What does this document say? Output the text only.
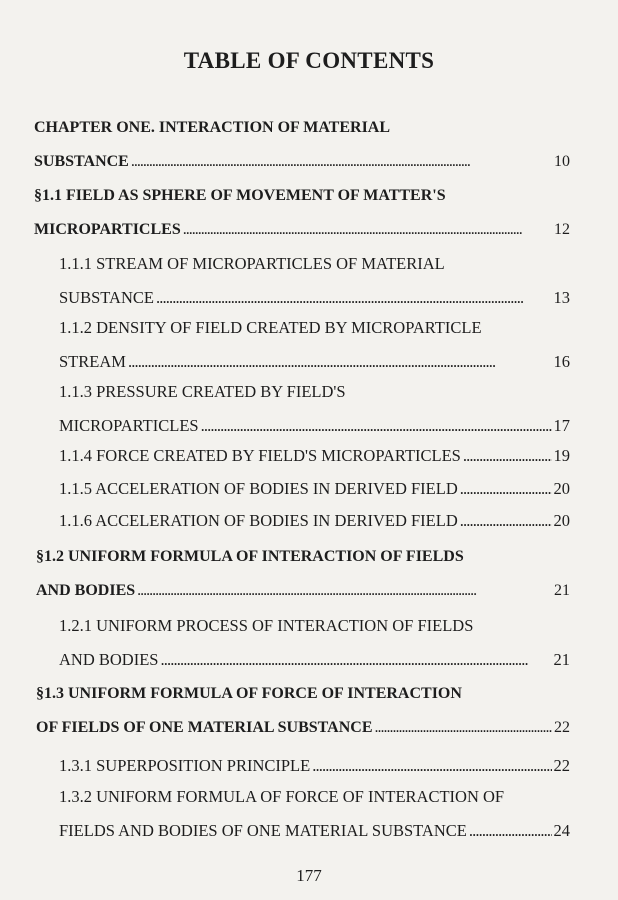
TABLE OF CONTENTS
CHAPTER ONE. INTERACTION OF MATERIAL
SUBSTANCE . . .	10
§1.1 FIELD AS SPHERE OF MOVEMENT OF MATTER'S
MICROPARTICLES . . .	12
1.1.1 STREAM OF MICROPARTICLES OF MATERIAL
SUBSTANCE . . .	13
1.1.2 DENSITY OF FIELD CREATED BY MICROPARTICLE
STREAM . . .	16
1.1.3 PRESSURE CREATED BY FIELD'S
MICROPARTICLES . . .	17
1.1.4 FORCE CREATED BY FIELD'S MICROPARTICLES . . .	19
1.1.5 ACCELERATION OF BODIES IN DERIVED FIELD . . .	20
1.1.6 ACCELERATION OF BODIES IN DERIVED FIELD . . .	20
§1.2 UNIFORM FORMULA OF INTERACTION OF FIELDS
AND BODIES . . .	21
1.2.1 UNIFORM PROCESS OF INTERACTION OF FIELDS
AND BODIES . . .	21
§1.3 UNIFORM FORMULA OF FORCE OF INTERACTION
OF FIELDS OF ONE MATERIAL SUBSTANCE . . .	22
1.3.1 SUPERPOSITION PRINCIPLE . . .	22
1.3.2 UNIFORM FORMULA OF FORCE OF INTERACTION OF
FIELDS AND BODIES OF ONE MATERIAL SUBSTANCE . . .	24
177
